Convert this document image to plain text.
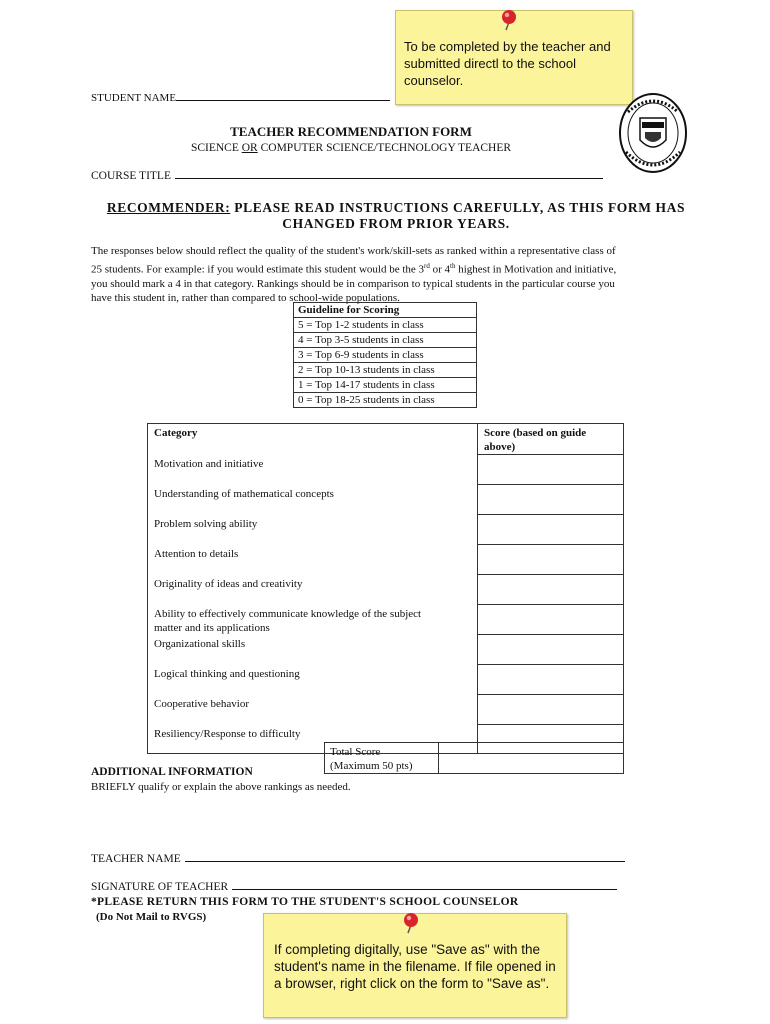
To be completed by the teacher and submitted directl to the school counselor.
STUDENT NAME
TEACHER RECOMMENDATION FORM
SCIENCE OR COMPUTER SCIENCE/TECHNOLOGY TEACHER
COURSE TITLE
RECOMMENDER: PLEASE READ INSTRUCTIONS CAREFULLY, AS THIS FORM HAS
CHANGED FROM PRIOR YEARS.
The responses below should reflect the quality of the student's work/skill-sets as ranked within a representative class of
25 students. For example: if you would estimate this student would be the 3rd or 4th highest in Motivation and initiative,
you should mark a 4 in that category. Rankings should be in comparison to typical students in the particular course you
have this student in, rather than compared to school-wide populations.
Guideline for Scoring
5 = Top 1-2 students in class
4 = Top 3-5 students in class
3 = Top 6-9 students in class
2 = Top 10-13 students in class
1 = Top 14-17 students in class
0 = Top 18-25 students in class
Category	Score (based on guide above)
Motivation and initiative	
Understanding of mathematical concepts	
Problem solving ability	
Attention to details	
Originality of ideas and creativity	
Ability to effectively communicate knowledge of the subject matter and its applications	
Organizational skills	
Logical thinking and questioning	
Cooperative behavior	
Resiliency/Response to difficulty	
Total Score
(Maximum 50 pts)
ADDITIONAL INFORMATION
BRIEFLY qualify or explain the above rankings as needed.
TEACHER NAME
SIGNATURE OF TEACHER
*PLEASE RETURN THIS FORM TO THE STUDENT'S SCHOOL COUNSELOR
(Do Not Mail to RVGS)
If completing digitally, use "Save as" with the student's name in the filename. If file opened in a browser, right click on the form to "Save as".
